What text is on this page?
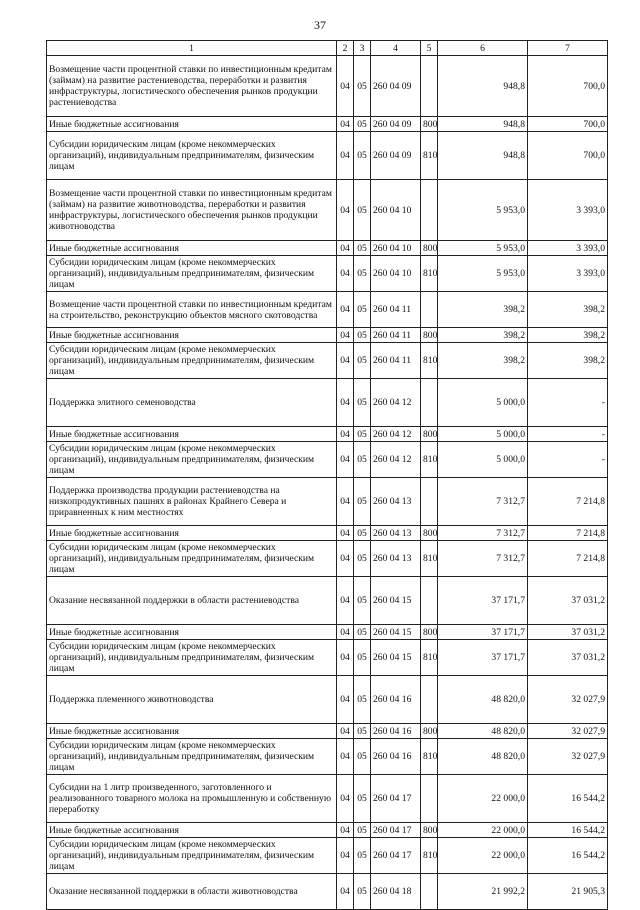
37
1	2	3	4	5	6	7
Возмещение части процентной ставки по инвестиционным кредитам (займам) на развитие растениеводства, переработки и развития инфраструктуры, логистического обеспечения рынков продукции растениеводства	04	05	260 04 09		948,8	700,0
Иные бюджетные ассигнования	04	05	260 04 09	800	948,8	700,0
Субсидии юридическим лицам (кроме некоммерческих организаций), индивидуальным предпринимателям, физическим лицам	04	05	260 04 09	810	948,8	700,0
Возмещение части процентной ставки по инвестиционным кредитам (займам) на развитие животноводства, переработки и развития инфраструктуры, логистического обеспечения рынков продукции животноводства	04	05	260 04 10		5 953,0	3 393,0
Иные бюджетные ассигнования	04	05	260 04 10	800	5 953,0	3 393,0
Субсидии юридическим лицам (кроме некоммерческих организаций), индивидуальным предпринимателям, физическим лицам	04	05	260 04 10	810	5 953,0	3 393,0
Возмещение части процентной ставки по инвестиционным кредитам на строительство, реконструкцию объектов мясного скотоводства	04	05	260 04 11		398,2	398,2
Иные бюджетные ассигнования	04	05	260 04 11	800	398,2	398,2
Субсидии юридическим лицам (кроме некоммерческих организаций), индивидуальным предпринимателям, физическим лицам	04	05	260 04 11	810	398,2	398,2
Поддержка элитного семеноводства	04	05	260 04 12		5 000,0	-
Иные бюджетные ассигнования	04	05	260 04 12	800	5 000,0	-
Субсидии юридическим лицам (кроме некоммерческих организаций), индивидуальным предпринимателям, физическим лицам	04	05	260 04 12	810	5 000,0	-
Поддержка производства продукции растениеводства на низкопродуктивных пашнях в районах Крайнего Севера и приравненных к ним местностях	04	05	260 04 13		7 312,7	7 214,8
Иные бюджетные ассигнования	04	05	260 04 13	800	7 312,7	7 214,8
Субсидии юридическим лицам (кроме некоммерческих организаций), индивидуальным предпринимателям, физическим лицам	04	05	260 04 13	810	7 312,7	7 214,8
Оказание несвязанной поддержки в области растениеводства	04	05	260 04 15		37 171,7	37 031,2
Иные бюджетные ассигнования	04	05	260 04 15	800	37 171,7	37 031,2
Субсидии юридическим лицам (кроме некоммерческих организаций), индивидуальным предпринимателям, физическим лицам	04	05	260 04 15	810	37 171,7	37 031,2
Поддержка племенного животноводства	04	05	260 04 16		48 820,0	32 027,9
Иные бюджетные ассигнования	04	05	260 04 16	800	48 820,0	32 027,9
Субсидии юридическим лицам (кроме некоммерческих организаций), индивидуальным предпринимателям, физическим лицам	04	05	260 04 16	810	48 820,0	32 027,9
Субсидии на 1 литр произведенного, заготовленного и реализованного товарного молока на промышленную и собственную переработку	04	05	260 04 17		22 000,0	16 544,2
Иные бюджетные ассигнования	04	05	260 04 17	800	22 000,0	16 544,2
Субсидии юридическим лицам (кроме некоммерческих организаций), индивидуальным предпринимателям, физическим лицам	04	05	260 04 17	810	22 000,0	16 544,2
Оказание несвязанной поддержки в области животноводства	04	05	260 04 18		21 992,2	21 905,3
